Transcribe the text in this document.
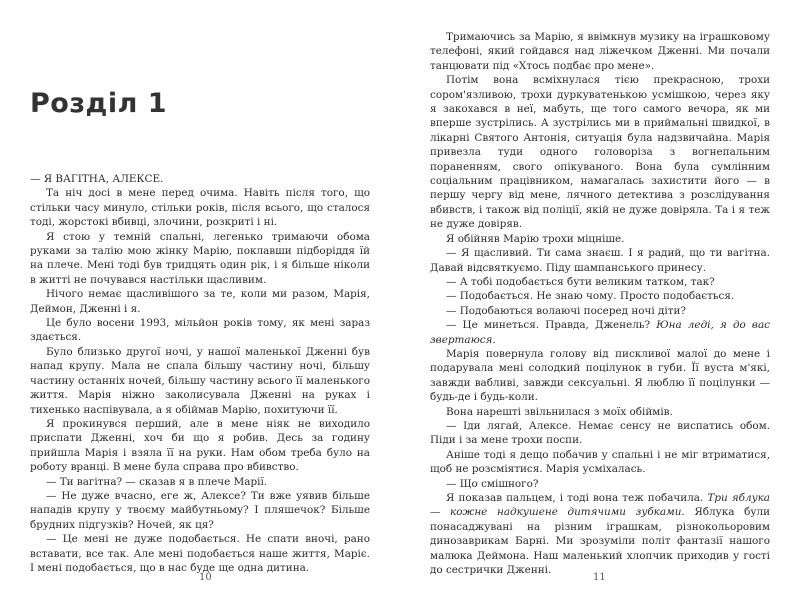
Розділ 1

— Я ВАГІТНА, АЛЕКСЕ.

Та ніч досі в мене перед очима. Навіть після того, що стільки часу минуло, стільки років, після всього, що сталося тоді, жорстокі вбивці, злочини, розкриті і ні.

Я стою у темній спальні, легенько тримаючи обома руками за талію мою жінку Марію, поклавши підборіддя їй на плече. Мені тоді був тридцять один рік, і я більше ніколи в житті не почувався настільки щасливим.

Нічого немає щасливішого за те, коли ми разом, Марія, Деймон, Дженні і я.

Це було восени 1993, мільйон років тому, як мені зараз здається.

Було близько другої ночі, у нашої маленької Дженні був напад крупу. Мала не спала більшу частину ночі, більшу частину останніх ночей, більшу частину всього її маленького життя. Марія ніжно заколисувала Дженні на руках і тихенько наспівувала, а я обіймав Марію, похитуючи її.

Я прокинувся перший, але в мене ніяк не виходило приспати Дженні, хоч би що я робив. Десь за годину прийшла Марія і взяла її на руки. Нам обом треба було на роботу вранці. В мене була справа про вбивство.

— Ти вагітна? — сказав я в плече Марії.

— Не дуже вчасно, еге ж, Алексе? Ти вже уявив більше нападів крупу у твоєму майбутньому? І пляшечок? Більше брудних підгузків? Ночей, як ця?

— Це мені не дуже подобається. Не спати вночі, рано вставати, все так. Але мені подобається наше життя, Маріє. І мені подобається, що в нас буде ще одна дитина.

10

Тримаючись за Марію, я ввімкнув музику на іграшковому телефоні, який гойдався над ліжечком Дженні. Ми почали танцювати під «Хтось подбає про мене».

Потім вона всміхнулася тією прекрасною, трохи сором'язливою, трохи дуркуватенькою усмішкою, через яку я закохався в неї, мабуть, ще того самого вечора, як ми вперше зустрілись. А зустрілись ми в приймальні швидкої, в лікарні Святого Антонія, ситуація була надзвичайна. Марія привезла туди одного головоріза з вогнепальним пораненням, свого опікуваного. Вона була сумлінним соціальним працівником, намагалась захистити його — в першу чергу від мене, лячного детектива з розслідування вбивств, і також від поліції, якій не дуже довіряла. Та і я теж не дуже довіряв.

Я обійняв Марію трохи міцніше.

— Я щасливий. Ти сама знаєш. І я радий, що ти вагітна. Давай відсвяткуємо. Піду шампанського принесу.

— А тобі подобається бути великим татком, так?

— Подобається. Не знаю чому. Просто подобається.

— Подобаються волаючі посеред ночі діти?

— Це минеться. Правда, Дженель? Юна леді, я до вас звертаюся.

Марія повернула голову від пискливої малої до мене і подарувала мені солодкий поцілунок в губи. Її вуста м'які, завжди вабливі, завжди сексуальні. Я люблю її поцілунки — будь-де і будь-коли.

Вона нарешті звільнилася з моїх обіймів.

— Іди лягай, Алексе. Немає сенсу не виспатись обом. Піди і за мене трохи поспи.

Аніше тоді я дещо побачив у спальні і не міг втриматися, щоб не розсміятися. Марія усміхалась.

— Що смішного?

Я показав пальцем, і тоді вона теж побачила. Три яблука — кожне надкушене дитячими зубками. Яблука були понасаджувані на різним іграшкам, різнокольоровим динозаврикам Барні. Ми зрозуміли політ фантазії нашого малюка Деймона. Наш маленький хлопчик приходив у гості до сестрички Дженні.

11
